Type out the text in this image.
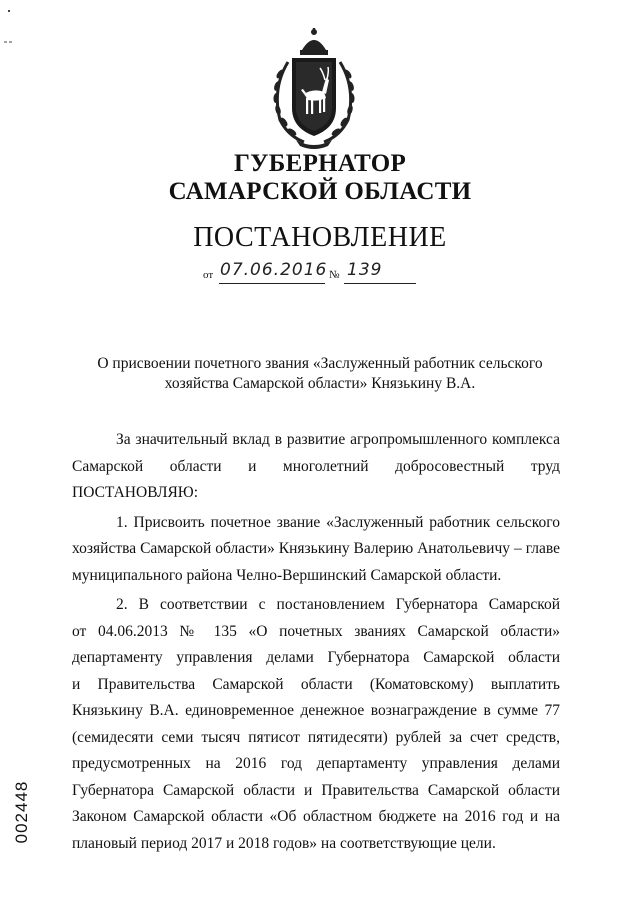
ГУБЕРНАТОР
САМАРСКОЙ ОБЛАСТИ
ПОСТАНОВЛЕНИЕ
от 07.06.2016 № 139
О присвоении почетного звания «Заслуженный работник сельского
хозяйства Самарской области» Князькину В.А.
За значительный вклад в развитие агропромышленного комплекса
Самарской области и многолетний добросовестный труд
ПОСТАНОВЛЯЮ:
1. Присвоить почетное звание «Заслуженный работник сельского
хозяйства Самарской области» Князькину Валерию Анатольевичу – главе
муниципального района Челно-Вершинский Самарской области.
2. В соответствии с постановлением Губернатора Самарской
от 04.06.2013 № 135 «О почетных званиях Самарской области»
департаменту управления делами Губернатора Самарской области
и Правительства Самарской области (Коматовскому) выплатить
Князькину В.А. единовременное денежное вознаграждение в сумме 77
(семидесяти семи тысяч пятисот пятидесяти) рублей за счет средств,
предусмотренных на 2016 год департаменту управления делами
Губернатора Самарской области и Правительства Самарской области
Законом Самарской области «Об областном бюджете на 2016 год и на
плановый период 2017 и 2018 годов» на соответствующие цели.
002448
